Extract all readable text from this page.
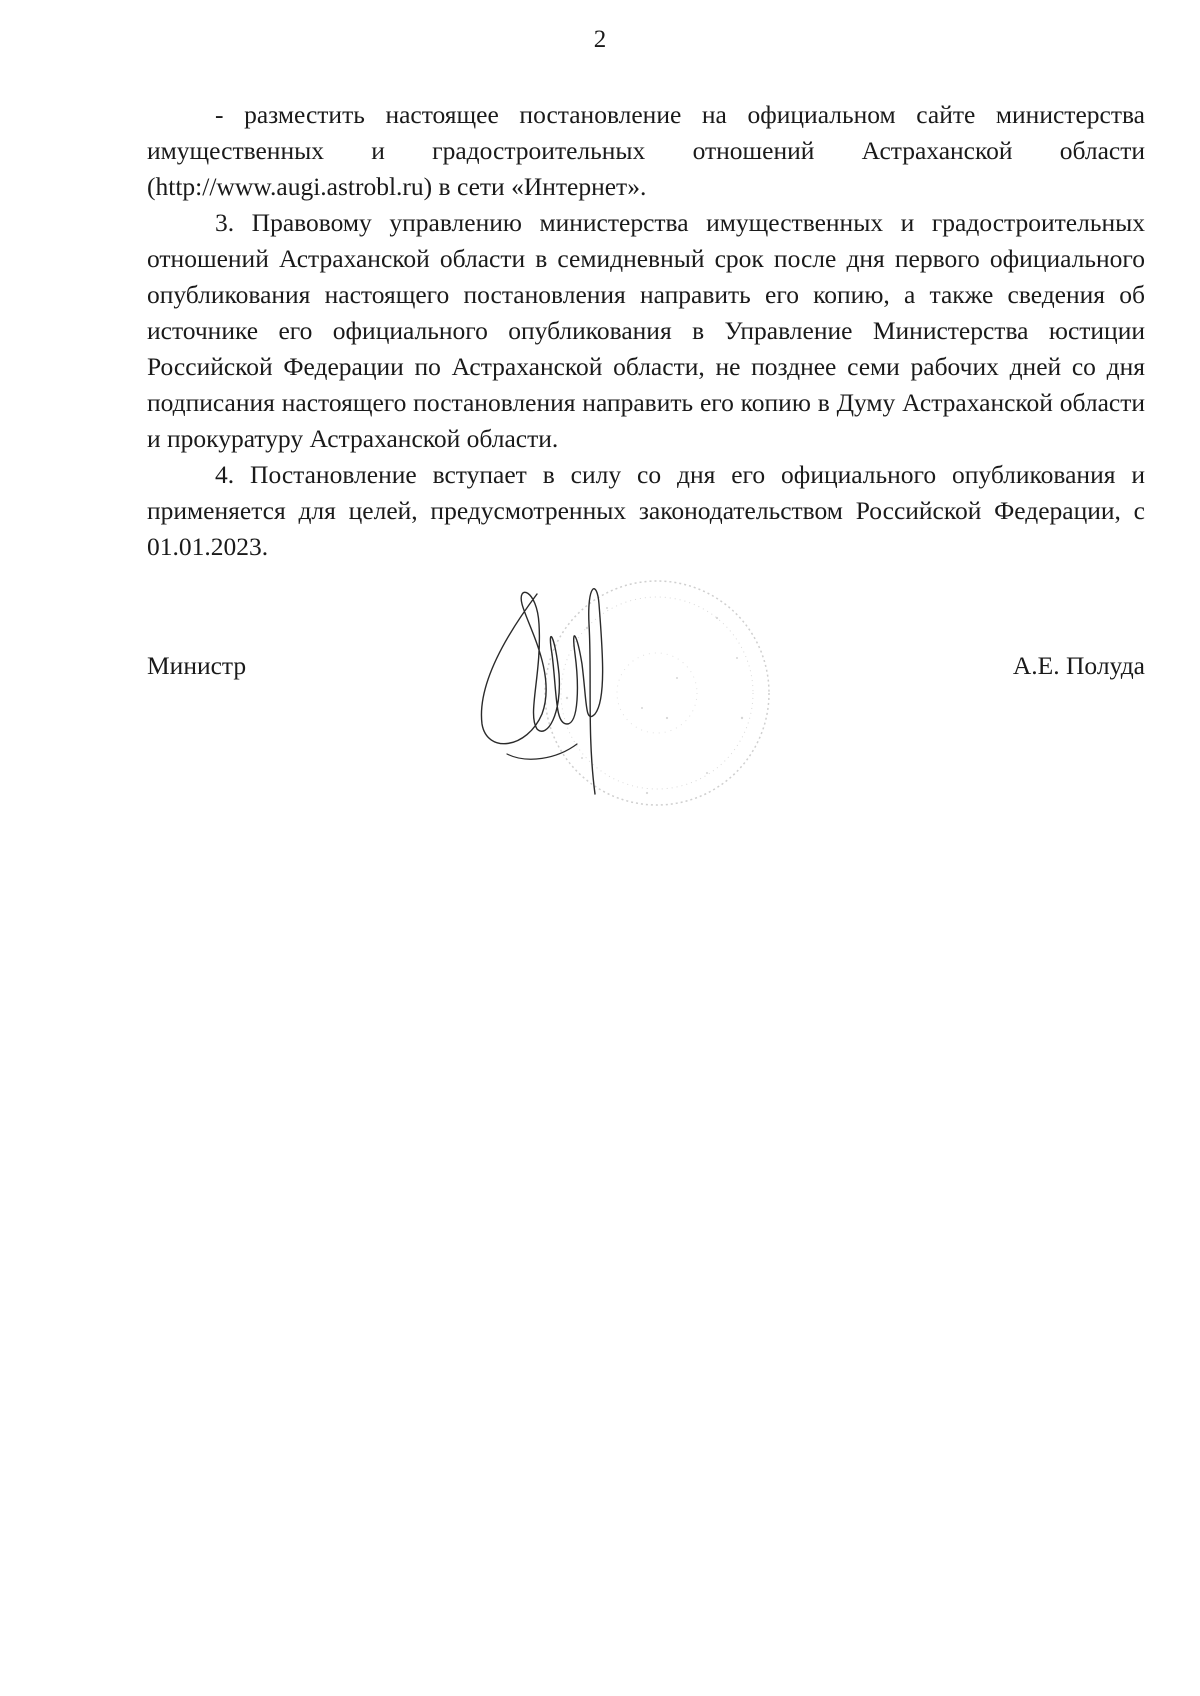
2

- разместить настоящее постановление на официальном сайте министерства имущественных и градостроительных отношений Астраханской области (http://www.augi.astrobl.ru) в сети «Интернет».

3. Правовому управлению министерства имущественных и градостроительных отношений Астраханской области в семидневный срок после дня первого официального опубликования настоящего постановления направить его копию, а также сведения об источнике его официального опубликования в Управление Министерства юстиции Российской Федерации по Астраханской области, не позднее семи рабочих дней со дня подписания настоящего постановления направить его копию в Думу Астраханской области и прокуратуру Астраханской области.

4. Постановление вступает в силу со дня его официального опубликования и применяется для целей, предусмотренных законодательством Российской Федерации, с 01.01.2023.

Министр	А.Е. Полуда
